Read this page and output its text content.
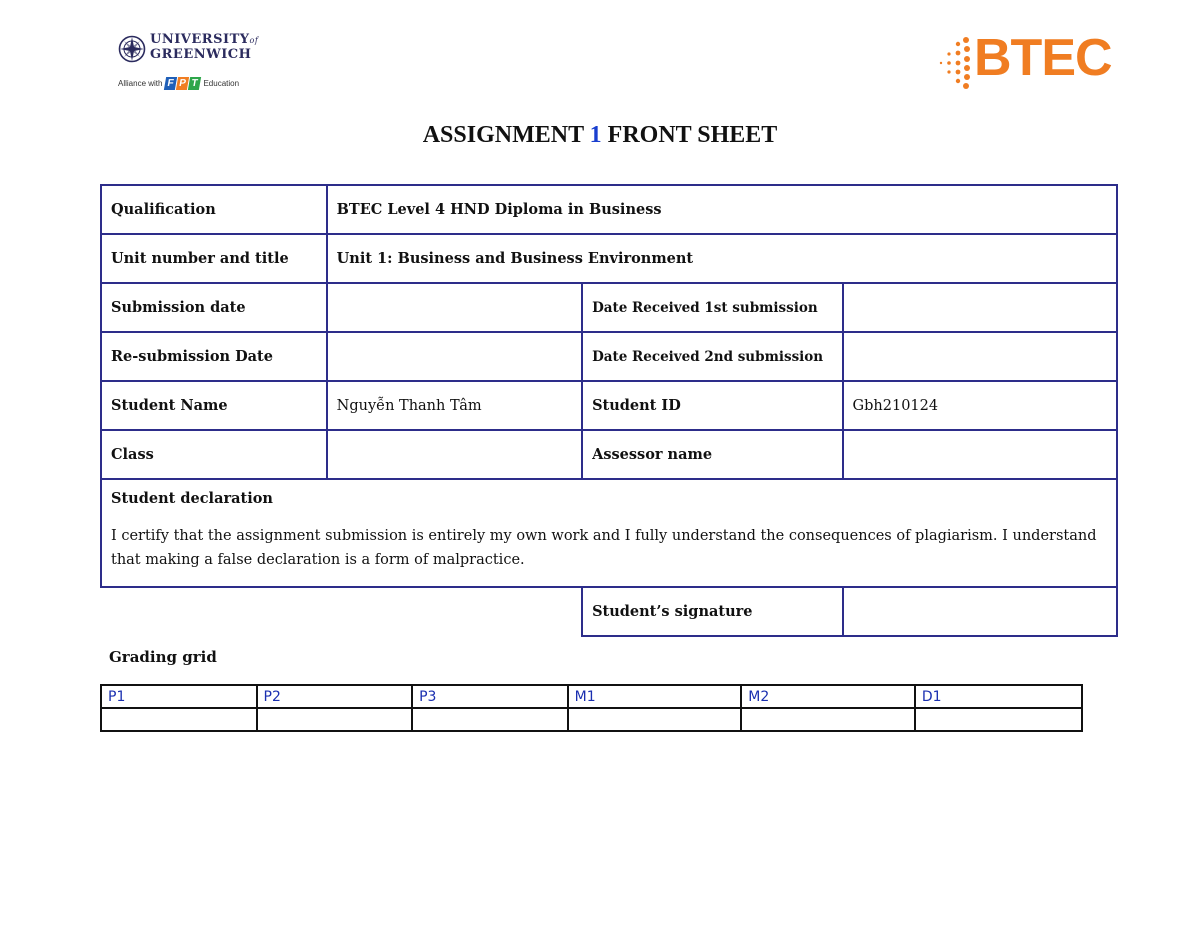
UNIVERSITYof
GREENWICH
Alliance with F P T Education	BTEC
ASSIGNMENT 1 FRONT SHEET
Qualification	BTEC Level 4 HND Diploma in Business		
Unit number and title	Unit 1: Business and Business Environment		
Submission date		Date Received 1st submission	
Re-submission Date		Date Received 2nd submission	
Student Name	Nguyễn Thanh Tâm	Student ID	Gbh210124
Class		Assessor name	

Student declaration
I certify that the assignment submission is entirely my own work and I fully understand the consequences of plagiarism. I understand that making a false declaration is a form of malpractice.			

		Student’s signature	
Grading grid
P1	P2	P3	M1	M2	D1
